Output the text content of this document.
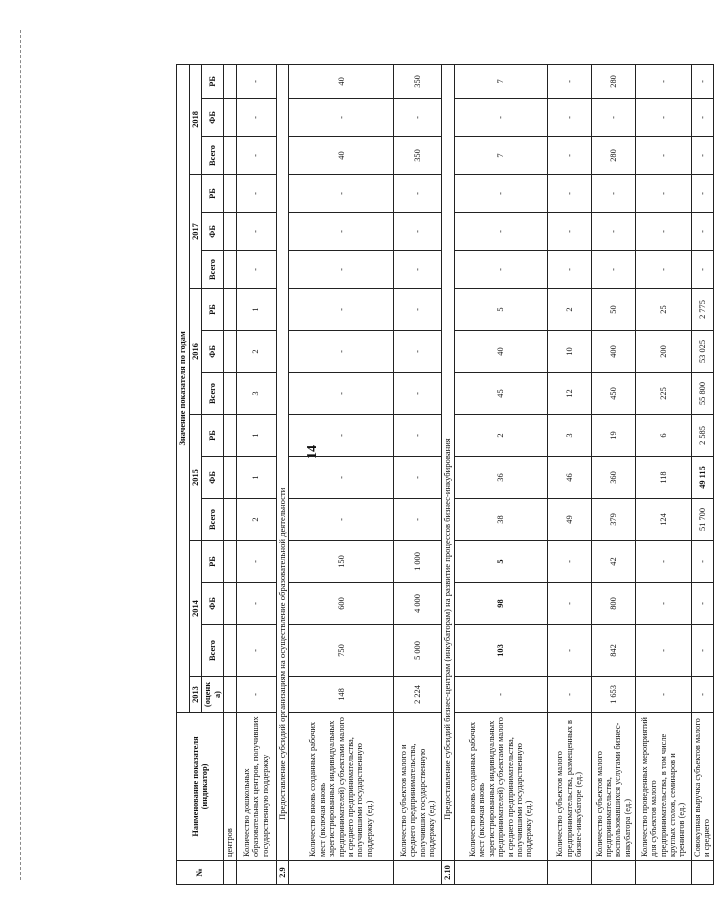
14
№	Наименование показателя (индикатор)	Значение показателя по годам															
		2013	2014			2015			2016			2017			2018		
		(оценка)	Всего	ФБ	РБ	Всего	ФБ	РБ	Всего	ФБ	РБ	Всего	ФБ	РБ	Всего	ФБ	РБ
	центров																
	Количество дошкольных образовательных центров, получивших государственную поддержку	-	-	-	-	2	1	1	3	2	1	-	-	-	-	-	-
2.9	Предоставление субсидий организациям на осуществление образовательной деятельности																
	Количество вновь созданных рабочих мест (включая вновь зарегистрированных индивидуальных предпринимателей) субъектами малого и среднего предпринимательства, получившими государственную поддержку (ед.)	148	750	600	150	-	-	-	-	-	-	-	-	-	40	-	40
	Количество субъектов малого и среднего предпринимательства, получивших государственную поддержку (ед.)	2 224	5 000	4 000	1 000	-	-	-	-	-	-	-	-	-	350	-	350
2.10	Предоставление субсидий бизнес-центрам (инкубаторам) на развитие процессов бизнес-инкубирования																
	Количество вновь созданных рабочих мест (включая вновь зарегистрированных индивидуальных предпринимателей) субъектами малого и среднего предпринимательства, получившими государственную поддержку (ед.)	-	103	98	5	38	36	2	45	40	5	-	-	-	7	-	7
	Количество субъектов малого предпринимательства, размещенных в бизнес-инкубаторе (ед.)	-	-	-	-	49	46	3	12	10	2	-	-	-	-	-	-
	Количество субъектов малого предпринимательства, воспользовавшихся услугами бизнес-инкубатора (ед.)	1 653	842	800	42	379	360	19	450	400	50	-	-	-	280	-	280
	Количество проведенных мероприятий для субъектов малого предпринимательства, в том числе круглых столов, семинаров и тренингов (ед.)	-	-	-	-	124	118	6	225	200	25	-	-	-	-	-	-
	Совокупная выручка субъектов малого и среднего	-	-	-	-	51 700	49 115	2 585	55 800	53 025	2 775	-	-	-	-	-	-
